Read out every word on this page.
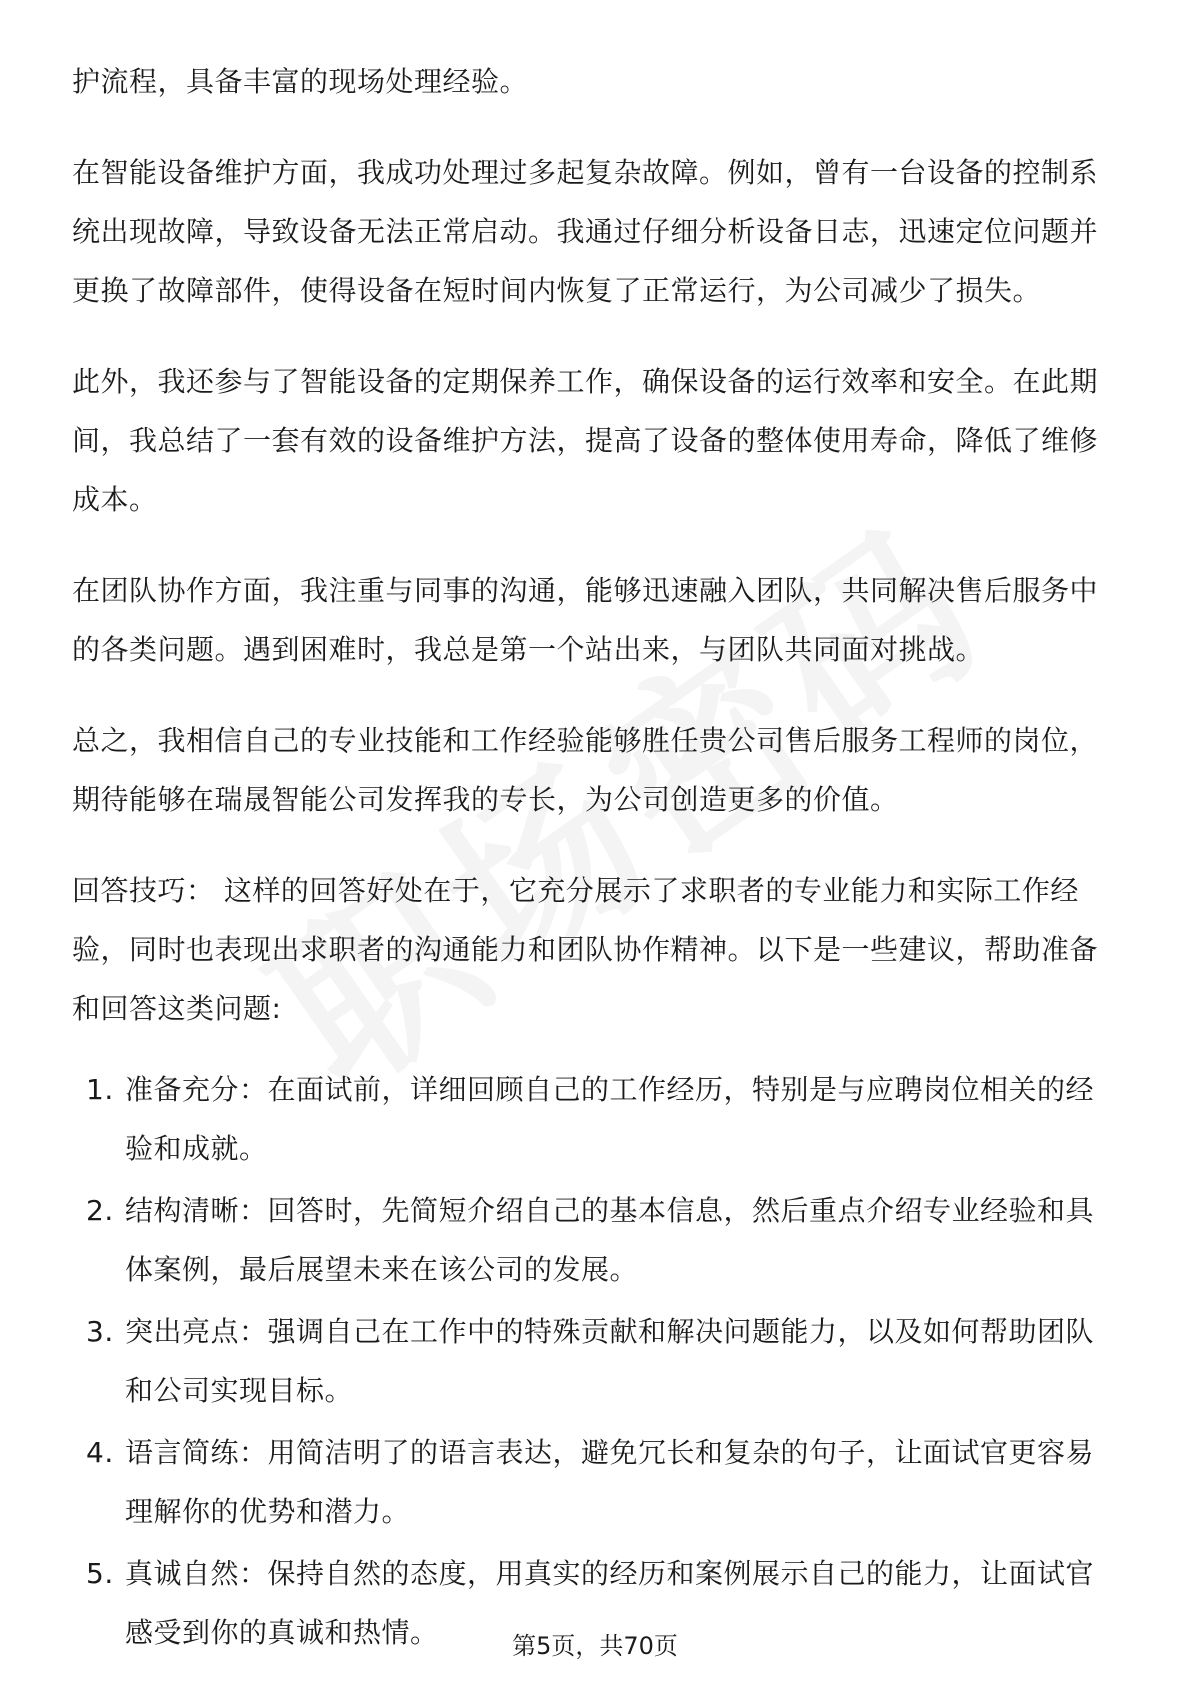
护流程，具备丰富的现场处理经验。

在智能设备维护方面，我成功处理过多起复杂故障。例如，曾有一台设备的控制系统出现故障，导致设备无法正常启动。我通过仔细分析设备日志，迅速定位问题并更换了故障部件，使得设备在短时间内恢复了正常运行，为公司减少了损失。

此外，我还参与了智能设备的定期保养工作，确保设备的运行效率和安全。在此期间，我总结了一套有效的设备维护方法，提高了设备的整体使用寿命，降低了维修成本。

在团队协作方面，我注重与同事的沟通，能够迅速融入团队，共同解决售后服务中的各类问题。遇到困难时，我总是第一个站出来，与团队共同面对挑战。

总之，我相信自己的专业技能和工作经验能够胜任贵公司售后服务工程师的岗位，期待能够在瑞晟智能公司发挥我的专长，为公司创造更多的价值。

回答技巧： 这样的回答好处在于，它充分展示了求职者的专业能力和实际工作经验，同时也表现出求职者的沟通能力和团队协作精神。以下是一些建议，帮助准备和回答这类问题:

1. 准备充分：在面试前，详细回顾自己的工作经历，特别是与应聘岗位相关的经验和成就。
2. 结构清晰：回答时，先简短介绍自己的基本信息，然后重点介绍专业经验和具体案例，最后展望未来在该公司的发展。
3. 突出亮点：强调自己在工作中的特殊贡献和解决问题能力，以及如何帮助团队和公司实现目标。
4. 语言简练：用简洁明了的语言表达，避免冗长和复杂的句子，让面试官更容易理解你的优势和潜力。
5. 真诚自然：保持自然的态度，用真实的经历和案例展示自己的能力，让面试官感受到你的真诚和热情。	第5页，共70页
